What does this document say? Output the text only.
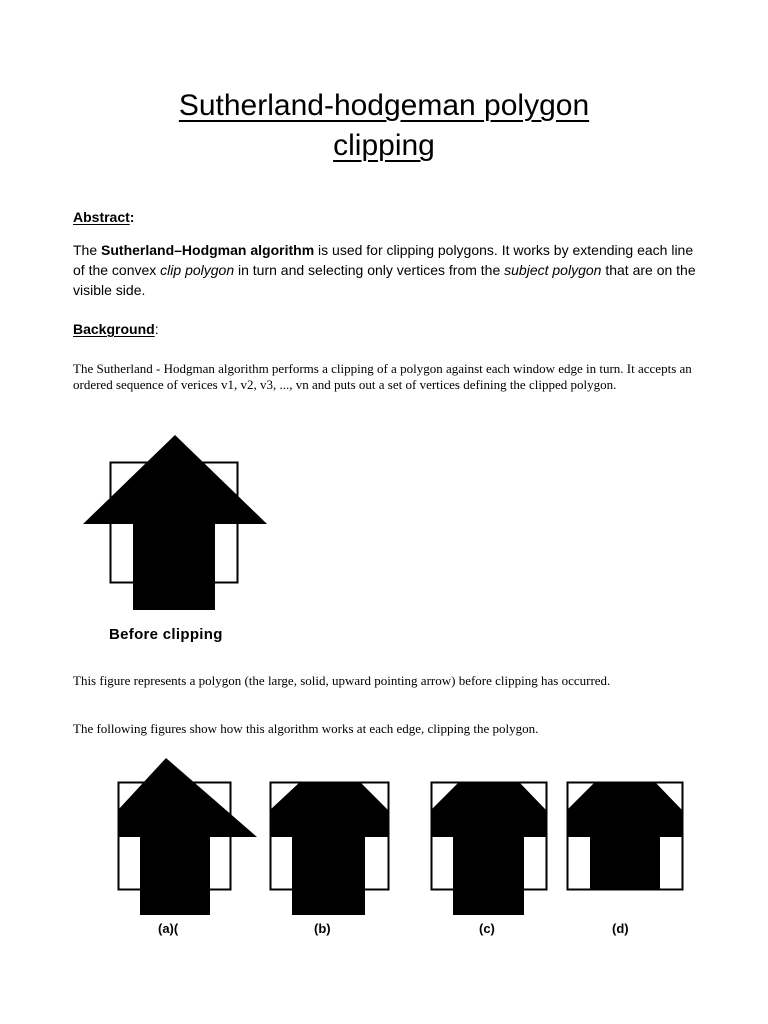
Sutherland-hodgeman polygon
clipping
Abstract:

The Sutherland–Hodgman algorithm is used for clipping polygons. It works by extending each line of the convex clip polygon in turn and selecting only vertices from the subject polygon that are on the visible side.

Background:

The Sutherland - Hodgman algorithm performs a clipping of a polygon against each window edge in turn. It accepts an ordered sequence of verices v1, v2, v3, ..., vn and puts out a set of vertices defining the clipped polygon.

Before clipping

This figure represents a polygon (the large, solid, upward pointing arrow) before clipping has occurred.

The following figures show how this algorithm works at each edge, clipping the polygon.

(a)(	(b)	(c)	(d)
